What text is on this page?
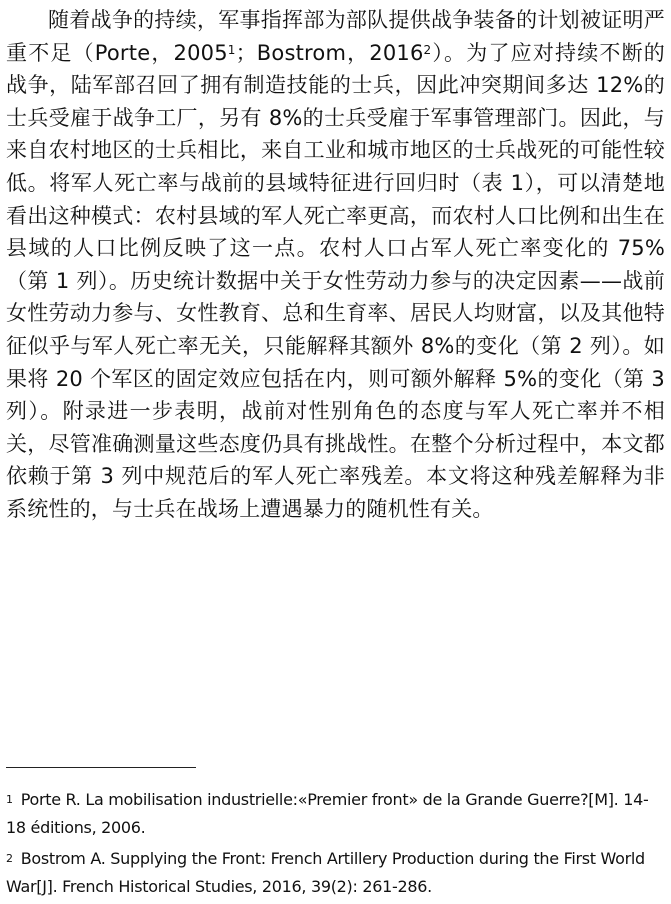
随着战争的持续，军事指挥部为部队提供战争装备的计划被证明严重不足（Porte，2005$^1$；Bostrom，2016$^2$）。为了应对持续不断的战争，陆军部召回了拥有制造技能的士兵，因此冲突期间多达 12%的士兵受雇于战争工厂，另有 8%的士兵受雇于军事管理部门。因此，与来自农村地区的士兵相比，来自工业和城市地区的士兵战死的可能性较低。将军人死亡率与战前的县域特征进行回归时（表 1），可以清楚地看出这种模式：农村县域的军人死亡率更高，而农村人口比例和出生在县域的人口比例反映了这一点。农村人口占军人死亡率变化的 75%（第 1 列）。历史统计数据中关于女性劳动力参与的决定因素——战前女性劳动力参与、女性教育、总和生育率、居民人均财富，以及其他特征似乎与军人死亡率无关，只能解释其额外 8%的变化（第 2 列）。如果将 20 个军区的固定效应包括在内，则可额外解释 5%的变化（第 3 列）。附录进一步表明，战前对性别角色的态度与军人死亡率并不相关，尽管准确测量这些态度仍具有挑战性。在整个分析过程中，本文都依赖于第 3 列中规范后的军人死亡率残差。本文将这种残差解释为非系统性的，与士兵在战场上遭遇暴力的随机性有关。

1 Porte R. La mobilisation industrielle:«Premier front» de la Grande Guerre?[M]. 14-18 éditions, 2006.

2 Bostrom A. Supplying the Front: French Artillery Production during the First World War[J]. French Historical Studies, 2016, 39(2): 261-286.
